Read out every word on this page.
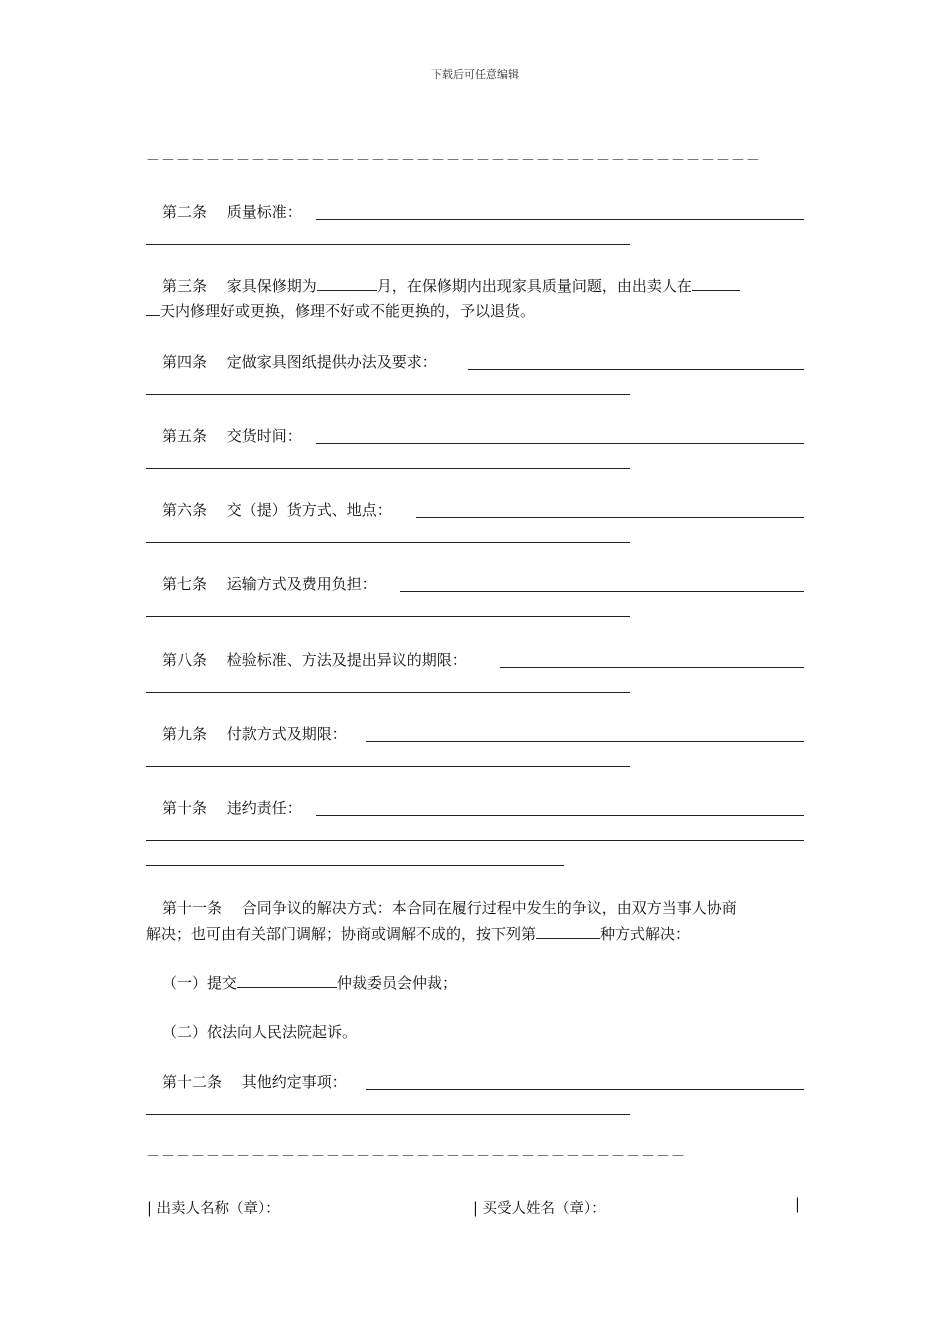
下载后可任意编辑
－－－－－－－－－－－－－－－－－－－－－－－－－－－－－－－－－－－－－－－－－
第二条　 质量标准：
第三条　 家具保修期为	月，在保修期内出现家具质量问题，由出卖人在
天内修理好或更换，修理不好或不能更换的，予以退货。
第四条　 定做家具图纸提供办法及要求：
第五条　 交货时间：
第六条　 交（提）货方式、地点：
第七条　 运输方式及费用负担：
第八条　 检验标准、方法及提出异议的期限：
第九条　 付款方式及期限：
第十条　 违约责任：
第十一条　 合同争议的解决方式：本合同在履行过程中发生的争议，由双方当事人协商
解决；也可由有关部门调解；协商或调解不成的，按下列第	种方式解决：
（一）提交	仲裁委员会仲裁；
（二）依法向人民法院起诉。
第十二条　 其他约定事项：
－－－－－－－－－－－－－－－－－－－－－－－－－－－－－－－－－－－－
| 出卖人名称（章）：	| 买受人姓名（章）：	|
